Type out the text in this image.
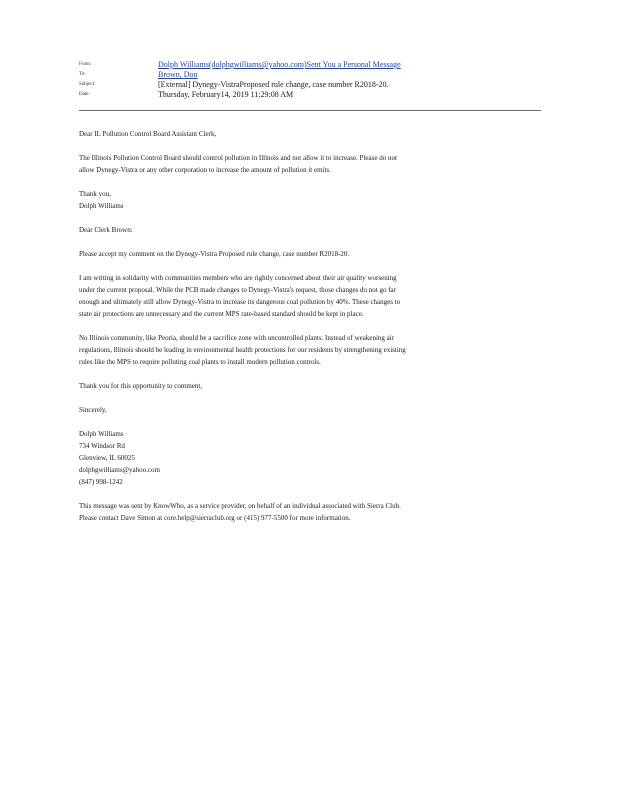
From:	Dolph Williams(dolphgwilliams@yahoo.com)Sent You a Personal Message
To:	Brown, Don
Subject:	[External] Dynegy-VistraProposed rule change, case number R2018-20.
Date:	Thursday, February14, 2019 11:29:08 AM

Dear IL Pollution Control Board Assistant Clerk,

The Illinois Pollution Control Board should control pollution in Illinois and not allow it to increase. Please do not
allow Dynegy-Vistra or any other corporation to increase the amount of pollution it emits.

Thank you,
Dolph Williams

Dear Clerk Brown:

Please accept my comment on the Dynegy-Vistra Proposed rule change, case number R2018-20.

I am writing in solidarity with communities members who are rightly concerned about their air quality worsening
under the current proposal. While the PCB made changes to Dynegy-Vistra's request, those changes do not go far
enough and ultimately still allow Dynegy-Vistra to increase its dangerous coal pollution by 40%. These changes to
state air protections are unnecessary and the current MPS rate-based standard should be kept in place.

No Illinois community, like Peoria, should be a sacrifice zone with uncontrolled plants. Instead of weakening air
regulations, Illinois should be leading in environmental health protections for our residents by strengthening existing
rules like the MPS to require polluting coal plants to install modern pollution controls.

Thank you for this opportunity to comment,

Sincerely,

Dolph Williams
734 Windsor Rd
Glenview, IL 60025
dolphgwilliams@yahoo.com
(847) 998-1242

This message was sent by KnowWho, as a service provider, on behalf of an individual associated with Sierra Club.
Please contact Dave Simon at core.help@sierraclub.org or (415) 977-5500 for more information.
